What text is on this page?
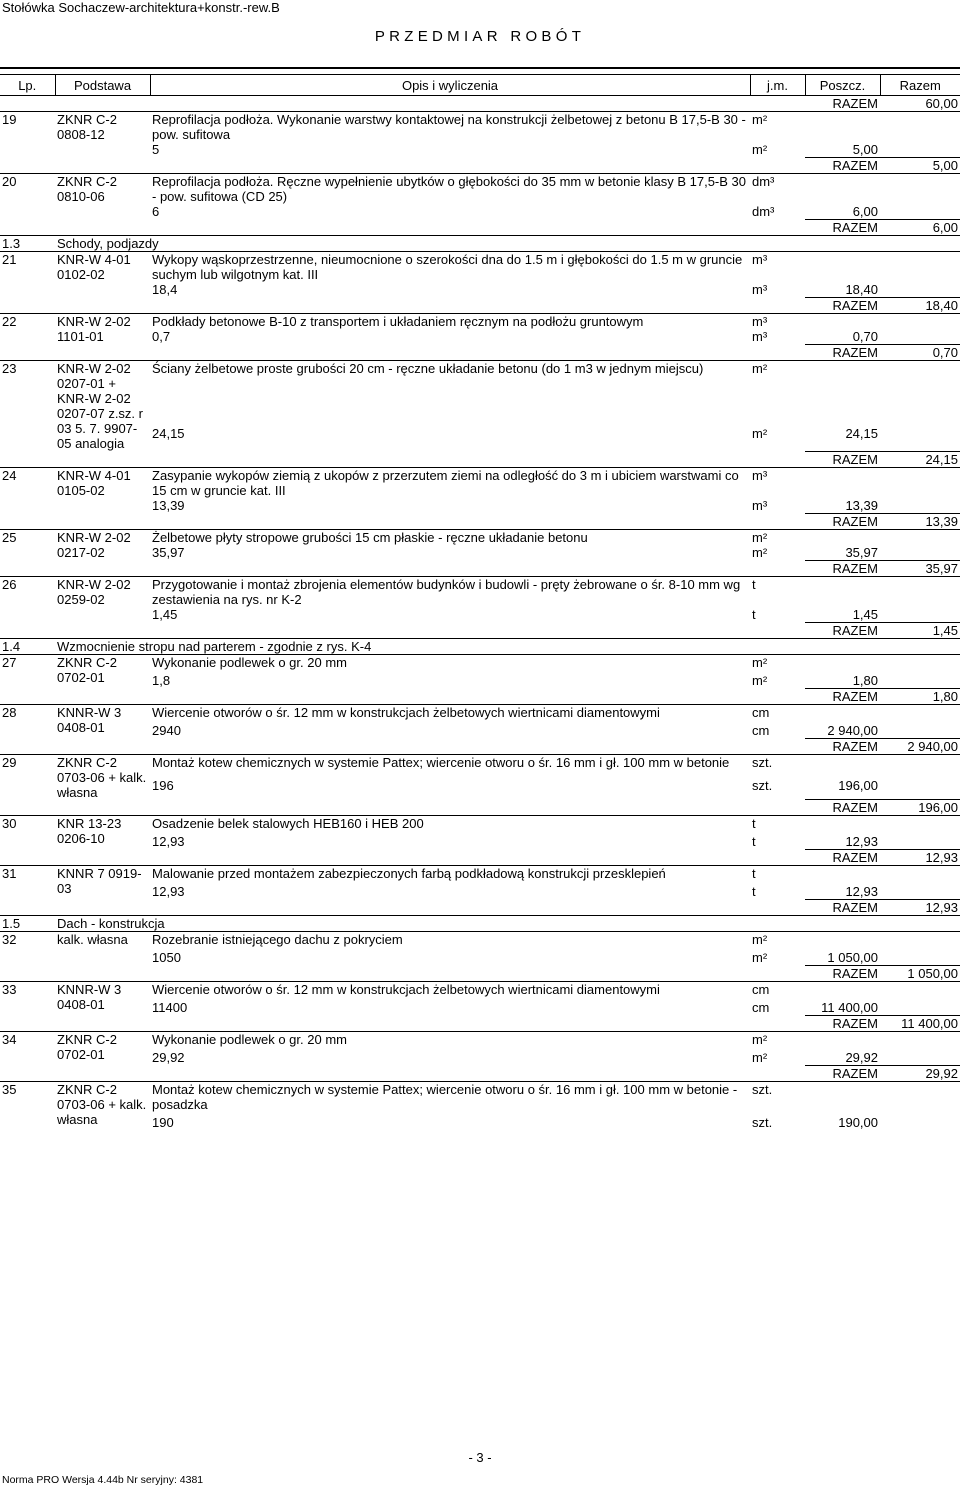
Stołówka Sochaczew-architektura+konstr.-rew.B
PRZEDMIAR ROBÓT
Lp.	Podstawa	Opis i wyliczenia	j.m.	Poszcz.	Razem
				RAZEM	60,00
19	ZKNR C-2 0808-12	Reprofilacja podłoża. Wykonanie warstwy kontaktowej na konstrukcji żelbetowej z betonu B 17,5-B 30 - pow. sufitowa	m²		

		5	m²	5,00	
				RAZEM	5,00
20	ZKNR C-2 0810-06	Reprofilacja podłoża. Ręczne wypełnienie ubytków o głębokości do 35 mm w betonie klasy B 17,5-B 30 - pow. sufitowa (CD 25)	dm³		

		6	dm³	6,00	
				RAZEM	6,00
1.3	Schody, podjazdy				
21	KNR-W 4-01 0102-02	Wykopy wąskoprzestrzenne, nieumocnione o szerokości dna do 1.5 m i głębokości do 1.5 m w gruncie suchym lub wilgotnym kat. III	m³		

		18,4	m³	18,40	
				RAZEM	18,40
22	KNR-W 2-02 1101-01	Podkłady betonowe B-10 z transportem i układaniem ręcznym na podłożu gruntowym	m³		

		0,7	m³	0,70	
				RAZEM	0,70
23	KNR-W 2-02 0207-01 + KNR-W 2-02 0207-07 z.sz. r 03 5. 7. 9907-05 analogia	Ściany żelbetowe proste grubości 20 cm - ręczne układanie betonu (do 1 m3 w jednym miejscu)	m²		

		24,15	m²	24,15	
				RAZEM	24,15
24	KNR-W 4-01 0105-02	Zasypanie wykopów ziemią z ukopów z przerzutem ziemi na odległość do 3 m i ubiciem warstwami co 15 cm w gruncie kat. III	m³		

		13,39	m³	13,39	
				RAZEM	13,39
25	KNR-W 2-02 0217-02	Żelbetowe płyty stropowe grubości 15 cm płaskie - ręczne układanie betonu	m²		

		35,97	m²	35,97	
				RAZEM	35,97
26	KNR-W 2-02 0259-02	Przygotowanie i montaż zbrojenia elementów budynków i budowli - pręty żebrowane o śr. 8-10 mm wg zestawienia na rys. nr K-2	t		

		1,45	t	1,45	
				RAZEM	1,45
1.4	Wzmocnienie stropu nad parterem - zgodnie z rys. K-4				
27	ZKNR C-2 0702-01	Wykonanie podlewek o gr. 20 mm	m²		

		1,8	m²	1,80	
				RAZEM	1,80
28	KNNR-W 3 0408-01	Wiercenie otworów o śr. 12 mm w konstrukcjach żelbetowych wiertnicami diamentowymi	cm		

		2940	cm	2 940,00	
				RAZEM	2 940,00
29	ZKNR C-2 0703-06 + kalk. własna	Montaż kotew chemicznych w systemie Pattex; wiercenie otworu o śr. 16 mm i gł. 100 mm w betonie	szt.		

		196	szt.	196,00	
				RAZEM	196,00
30	KNR 13-23 0206-10	Osadzenie belek stalowych HEB160 i HEB 200	t		

		12,93	t	12,93	
				RAZEM	12,93
31	KNNR 7 0919-03	Malowanie przed montażem zabezpieczonych farbą podkładową konstrukcji przesklepień	t		

		12,93	t	12,93	
				RAZEM	12,93
1.5	Dach - konstrukcja				
32	kalk. własna	Rozebranie istniejącego dachu z pokryciem	m²		

		1050	m²	1 050,00	
				RAZEM	1 050,00
33	KNNR-W 3 0408-01	Wiercenie otworów o śr. 12 mm w konstrukcjach żelbetowych wiertnicami diamentowymi	cm		

		11400	cm	11 400,00	
				RAZEM	11 400,00
34	ZKNR C-2 0702-01	Wykonanie podlewek o gr. 20 mm	m²		

		29,92	m²	29,92	
				RAZEM	29,92
35	ZKNR C-2 0703-06 + kalk. własna	Montaż kotew chemicznych w systemie Pattex; wiercenie otworu o śr. 16 mm i gł. 100 mm w betonie - posadzka	szt.		

		190	szt.	190,00	
- 3 -
Norma PRO Wersja 4.44b Nr seryjny: 4381
